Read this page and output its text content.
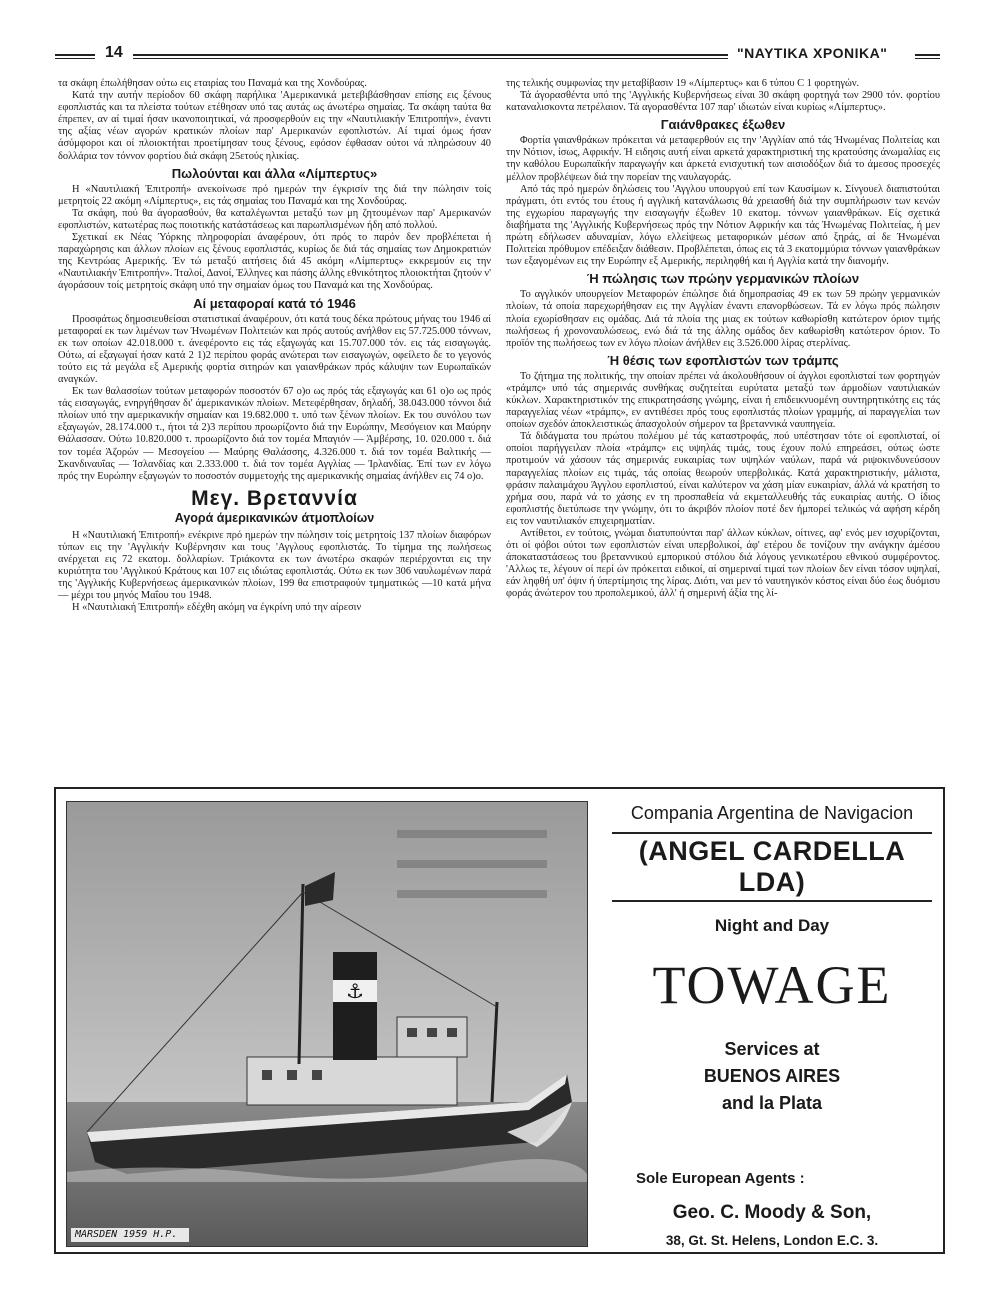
14	"ΝΑΥΤΙΚΑ ΧΡΟΝΙΚΑ"

τα σκάφη έπωλήθησαν ούτω εις εταιρίας του Παναμά και της Χονδούρας.

Κατά την αυτήν περίοδον 60 σκάφη παρήλικα 'Αμερικανικά μετεβιβάσθησαν επίσης εις ξένους εφοπλιστάς και τα πλείστα τούτων ετέθησαν υπό τας αυτάς ως άνωτέρω σημαίας. Τα σκάφη ταύτα θα έπρεπεν, αν αί τιμαί ήσαν ικανοποιητικαί, νά προσφερθούν εις την «Ναυτιλιακήν Έπιτροπήν», έναντι της αξίας νέων αγορών κρατικών πλοίων παρ' Αμερικανών εφοπλιστών. Αί τιμαί όμως ήσαν άσύμφοροι και οί πλοιοκτήται προετίμησαν τους ξένους, εφόσον έφθασαν ούτοι νά πληρώσουν 40 δολλάρια τον τόννον φορτίου διά σκάφη 25ετούς ηλικίας.

Πωλούνται και άλλα «Λίμπερτυς»

Η «Ναυτιλιακή Έπιτροπή» ανεκοίνωσε πρό ημερών την έγκρισίν της διά την πώλησιν τοίς μετρητοίς 22 ακόμη «Λίμπερτυς», εις τάς σημαίας του Παναμά και της Χονδούρας.

Τα σκάφη, πού θα άγορασθούν, θα καταλέγωνται μεταξύ των μη ζητουμένων παρ' Αμερικανών εφοπλιστών, κατωτέρας πως ποιοτικής κατάστάσεως και παρωπλισμένων ήδη από πολλού.

Σχετικαί εκ Νέας Ύόρκης πληροφορίαι άναφέρουν, ότι πρός το παρόν δεν προβλέπεται ή παραχώρησις και άλλων πλοίων εις ξένους εφοπλιστάς, κυρίως δε διά τάς σημαίας των Δημοκρατιών της Κεντρώας Αμερικής. Έν τώ μεταξύ αιτήσεις διά 45 ακόμη «Λίμπερτυς» εκκρεμούν εις την «Ναυτιλιακήν Έπιτροπήν». Ίταλοί, Δανοί, Έλληνες και πάσης άλλης εθνικότητος πλοιοκτήται ζητούν ν' άγοράσουν τοίς μετρητοίς σκάφη υπό την σημαίαν όμως του Παναμά και της Χονδούρας.

Αί μεταφοραί κατά τό 1946

Προσφάτως δημοσιευθείσαι στατιστικαί άναφέρουν, ότι κατά τους δέκα πρώτους μήνας του 1946 αί μεταφοραί εκ των λιμένων των Ήνωμένων Πολιτειών και πρός αυτούς ανήλθον εις 57.725.000 τόννων, εκ των οποίων 42.018.000 τ. άνεφέροντο εις τάς εξαγωγάς και 15.707.000 τόν. εις τάς εισαγωγάς. Ούτω, αί εξαγωγαί ήσαν κατά 2 1)2 περίπου φοράς ανώτεραι των εισαγωγών, οφείλετο δε το γεγονός τούτο εις τά μεγάλα εξ Αμερικής φορτία σιτηρών και γαιανθράκων πρός κάλυψιν των Ευρωπαϊκών αναγκών.

Εκ των θαλασσίων τούτων μεταφορών ποσοστόν 67 ο)ο ως πρός τάς εξαγωγάς και 61 ο)ο ως πρός τάς εισαγωγάς, ενηργήθησαν δι' άμερικανικών πλοίων. Μετεφέρθησαν, δηλαδή, 38.043.000 τόννοι διά πλοίων υπό την αμερικανικήν σημαίαν και 19.682.000 τ. υπό των ξένων πλοίων. Εκ του συνόλου των εξαγωγών, 28.174.000 τ., ήτοι τά 2)3 περίπου προωρίζοντο διά την Ευρώπην, Μεσόγειον και Μαύρην Θάλασσαν. Ούτω 10.820.000 τ. προωρίζοντο διά τον τομέα Μπαγιόν — Άμβέρσης, 10. 020.000 τ. διά τον τομέα Άζορών — Μεσογείου — Μαύρης Θαλάσσης, 4.326.000 τ. διά τον τομέα Βαλτικής — Σκανδιναυΐας — Ίσλανδίας και 2.333.000 τ. διά τον τομέα Αγγλίας — Ίρλανδίας. Έπί των εν λόγω πρός την Ευρώπην εξαγωγών το ποσοστόν συμμετοχής της αμερικανικής σημαίας άνήλθεν εις 74 ο)ο.

Μεγ. Βρεταννία
Αγορά άμερικανικών άτμοπλοίων

Η «Ναυτιλιακή Έπιτροπή» ενέκρινε πρό ημερών την πώλησιν τοίς μετρητοίς 137 πλοίων διαφόρων τύπων εις την 'Αγγλικήν Κυβέρνησιν και τους 'Αγγλους εφοπλιστάς. Το τίμημα της πωλήσεως ανέρχεται εις 72 εκατομ. δολλαρίων. Τριάκοντα εκ των άνωτέρω σκαφών περιέρχονται εις την κυριότητα του 'Αγγλικού Κράτους και 107 εις ιδιώτας εφοπλιστάς. Ούτω εκ των 306 ναυλωμένων παρά της 'Αγγλικής Κυβερνήσεως άμερικανικών πλοίων, 199 θα επιστραφούν τμηματικώς —10 κατά μήνα— μέχρι του μηνός Μαΐου του 1948.

Η «Ναυτιλιακή Έπιτροπή» εδέχθη ακόμη να έγκρίνη υπό την αίρεσιν

της τελικής συμφωνίας την μεταβίβασιν 19 «Λίμπερτυς» και 6 τύπου C 1 φορτηγών.

Τά άγορασθέντα υπό της 'Αγγλικής Κυβερνήσεως είναι 30 σκάφη φορτηγά των 2900 τόν. φορτίου καταναλισκοντα πετρέλαιον. Τά αγορασθέντα 107 παρ' ιδιωτών είναι κυρίως «Λίμπερτυς».

Γαιάνθρακες έξωθεν

Φορτία γαιανθράκων πρόκειται νά μεταφερθούν εις την 'Αγγλίαν από τάς Ήνωμένας Πολιτείας και την Νότιον, ίσως, Αφρικήν. Ή ειδησις αυτή είναι αρκετά χαρακτηριστική της κρατούσης άνωμαλίας εις την καθόλου Ευρωπαϊκήν παραγωγήν και άρκετά ενισχυτική των αισιοδόξων διά το άμεσος προσεχές μέλλον προβλέψεων διά την πορείαν της ναυλαγοράς.

Από τάς πρό ημερών δηλώσεις του 'Αγγλου υπουργού επί των Καυσίμων κ. Σίνγουελ διαπιστούται πράγματι, ότι εντός του έτους ή αγγλική κατανάλωσις θά χρειασθή διά την συμπλήρωσιν των κενών της εγχωρίου παραγωγής την εισαγωγήν έξωθεν 10 εκατομ. τόννων γαιανθράκων. Είς σχετικά διαβήματα της 'Αγγλικής Κυβερνήσεως πρός την Νότιον Αφρικήν και τάς Ήνωμένας Πολιτείας, ή μεν πρώτη εδήλωσεν αδυναμίαν, λόγω ελλείψεως μεταφορικών μέσων από ξηράς, αί δε Ήνωμέναι Πολιτείαι πρόθυμον επέδειξαν διάθεσιν. Προβλέπεται, όπως εις τά 3 εκατομμύρια τόννων γαιανθράκων των εξαγομένων εις την Ευρώπην εξ Αμερικής, περιληφθή και ή Αγγλία κατά την διανομήν.

Ή πώλησις των πρώην γερμανικών πλοίων

Το αγγλικόν υπουργείον Μεταφορών έπώλησε διά δημοπρασίας 49 εκ των 59 πρώην γερμανικών πλοίων, τά οποία παρεχωρήθησαν εις την Αγγλίαν έναντι επανορθώσεων. Τά εν λόγω πρός πώλησιν πλοία εχωρίσθησαν εις ομάδας. Διά τά πλοία της μιας εκ τούτων καθωρίσθη κατώτερον όριον τιμής πωλήσεως ή χρονοναυλώσεως, ενώ διά τά της άλλης ομάδος δεν καθωρίσθη κατώτερον όριον. Το προϊόν της πωλήσεως των εν λόγω πλοίων άνήλθεν εις 3.526.000 λίρας στερλίνας.

Ή θέσις των εφοπλιστών των τράμπς

Το ζήτημα της πολιτικής, την οποίαν πρέπει νά άκολουθήσουν οί άγγλοι εφοπλισταί των φορτηγών «τράμπς» υπό τάς σημερινάς συνθήκας συζητείται ευρύτατα μεταξύ των άρμοδίων ναυτιλιακών κύκλων. Χαρακτηριστικόν της επικρατησάσης γνώμης, είναι ή επιδεικνυομένη συντηρητικότης εις τάς παραγγελίας νέων «τράμπς», εν αντιθέσει πρός τους εφοπλιστάς πλοίων γραμμής, αί παραγγελίαι των οποίων σχεδόν άποκλειστικώς άπασχολούν σήμερον τα βρεταννικά ναυπηγεία.

Τά διδάγματα του πρώτου πολέμου μέ τάς καταστροφάς, πού υπέστησαν τότε οί εφοπλισταί, οί οποίοι παρήγγειλαν πλοία «τράμπς» εις υψηλάς τιμάς, τους έχουν πολύ επηρεάσει, ούτως ώστε προτιμούν νά χάσουν τάς σημερινάς ευκαιρίας των υψηλών ναύλων, παρά νά ριψοκινδυνεύσουν παραγγελίας πλοίων εις τιμάς, τάς οποίας θεωρούν υπερβολικάς. Κατά χαρακτηριστικήν, μάλιστα, φράσιν παλαιμάχου Άγγλου εφοπλιστού, είναι καλύτερον να χάση μίαν ευκαιρίαν, άλλά νά κρατήση το χρήμα σου, παρά νά το χάσης εν τη προσπαθεία νά εκμεταλλευθής τάς ευκαιρίας αυτής. Ο ίδιος εφοπλιστής διετύπωσε την γνώμην, ότι το άκριβόν πλοίον ποτέ δεν ήμπορεί τελικώς νά αφήση κέρδη εις τον ναυτιλιακόν επιχειρηματίαν.

Αντίθετοι, εν τούτοις, γνώμαι διατυπούνται παρ' άλλων κύκλων, οίτινες, αφ' ενός μεν ισχυρίζονται, ότι οί φόβοι ούτοι των εφοπλιστών είναι υπερβολικοί, άφ' ετέρου δε τονίζουν την ανάγκην άμέσου άποκαταστάσεως του βρεταννικού εμπορικού στόλου διά λόγους γενικωτέρου εθνικού συμφέροντος. 'Αλλως τε, λέγουν οί περί ών πρόκειται ειδικοί, αί σημεριναί τιμαί των πλοίων δεν είναι τόσον υψηλαί, εάν ληφθή υπ' όψιν ή ύπερτίμησις της λίρας. Διότι, ναι μεν τό ναυτηγικόν κόστος είναι δύο έως δυόμισυ φοράς άνώτερον του προπολεμικού, άλλ' ή σημερινή άξία της λί-

⚓
MARSDEN 1959 H.P.
Compania Argentina de Navigacion
(ANGEL CARDELLA LDA)
Night and Day
TOWAGE
Services at
BUENOS AIRES
and la Plata
Sole European Agents :
Geo. C. Moody & Son,
38, Gt. St. Helens, London E.C. 3.
